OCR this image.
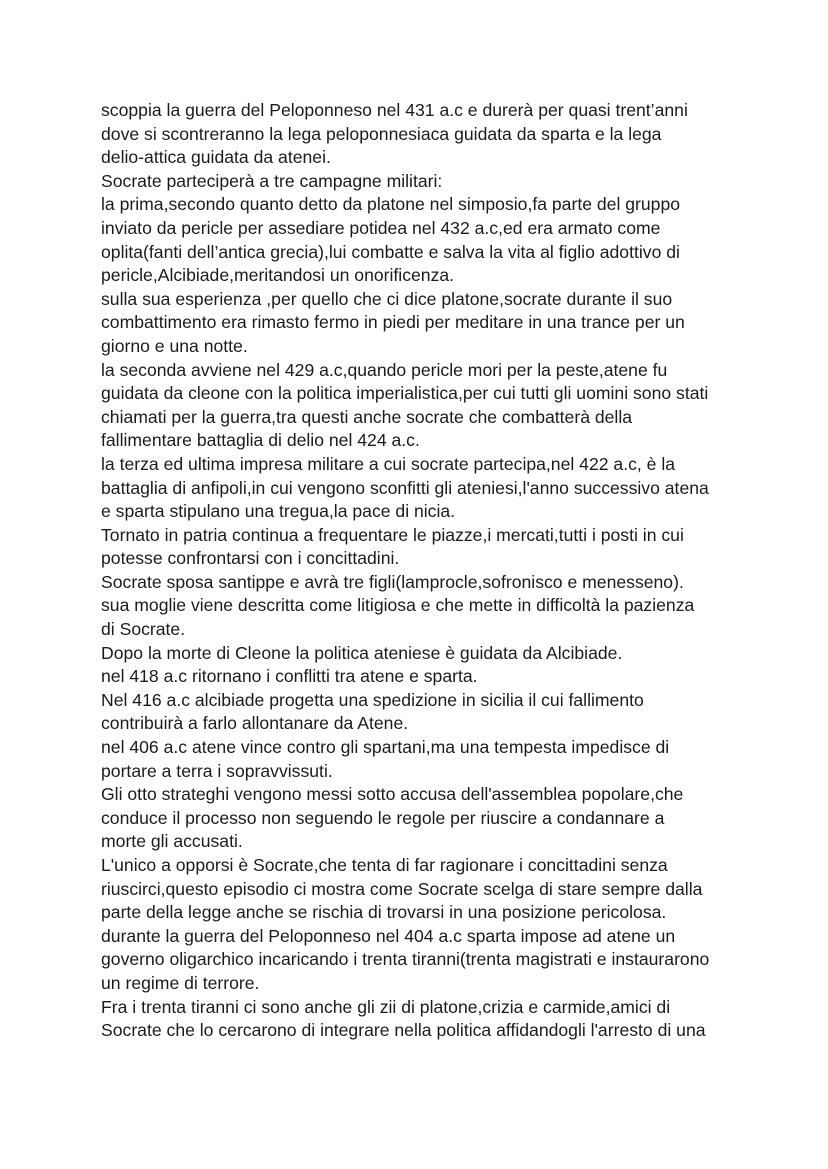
scoppia la guerra del Peloponneso nel 431 a.c e durerà per quasi trent’anni
dove si scontreranno la lega peloponnesiaca guidata da sparta e la lega
delio-attica guidata da atenei.
Socrate parteciperà a tre campagne militari:
la prima,secondo quanto detto da platone nel simposio,fa parte del gruppo
inviato da pericle per assediare potidea nel 432 a.c,ed era armato come
oplita(fanti dell’antica grecia),lui combatte e salva la vita al figlio adottivo di
pericle,Alcibiade,meritandosi un onorificenza.
sulla sua esperienza ,per quello che ci dice platone,socrate durante il suo
combattimento era rimasto fermo in piedi per meditare in una trance per un
giorno e una notte.
la seconda avviene nel 429 a.c,quando pericle mori per la peste,atene fu
guidata da cleone con la politica imperialistica,per cui tutti gli uomini sono stati
chiamati per la guerra,tra questi anche socrate che combatterà della
fallimentare battaglia di delio nel 424 a.c.
la terza ed ultima impresa militare a cui socrate partecipa,nel 422 a.c, è la
battaglia di anfipoli,in cui vengono sconfitti gli ateniesi,l'anno successivo atena
e sparta stipulano una tregua,la pace di nicia.
Tornato in patria continua a frequentare le piazze,i mercati,tutti i posti in cui
potesse confrontarsi con i concittadini.
Socrate sposa santippe e avrà tre figli(lamprocle,sofronisco e menesseno).
sua moglie viene descritta come litigiosa e che mette in difficoltà la pazienza
di Socrate.
Dopo la morte di Cleone la politica ateniese è guidata da Alcibiade.
nel 418 a.c ritornano i conflitti tra atene e sparta.
Nel 416 a.c alcibiade progetta una spedizione in sicilia il cui fallimento
contribuirà a farlo allontanare da Atene.
nel 406 a.c atene vince contro gli spartani,ma una tempesta impedisce di
portare a terra i sopravvissuti.
Gli otto strateghi vengono messi sotto accusa dell'assemblea popolare,che
conduce il processo non seguendo le regole per riuscire a condannare a
morte gli accusati.
L'unico a opporsi è Socrate,che tenta di far ragionare i concittadini senza
riuscirci,questo episodio ci mostra come Socrate scelga di stare sempre dalla
parte della legge anche se rischia di trovarsi in una posizione pericolosa.
durante la guerra del Peloponneso nel 404 a.c sparta impose ad atene un
governo oligarchico incaricando i trenta tiranni(trenta magistrati e instaurarono
un regime di terrore.
Fra i trenta tiranni ci sono anche gli zii di platone,crizia e carmide,amici di
Socrate che lo cercarono di integrare nella politica affidandogli l'arresto di una
